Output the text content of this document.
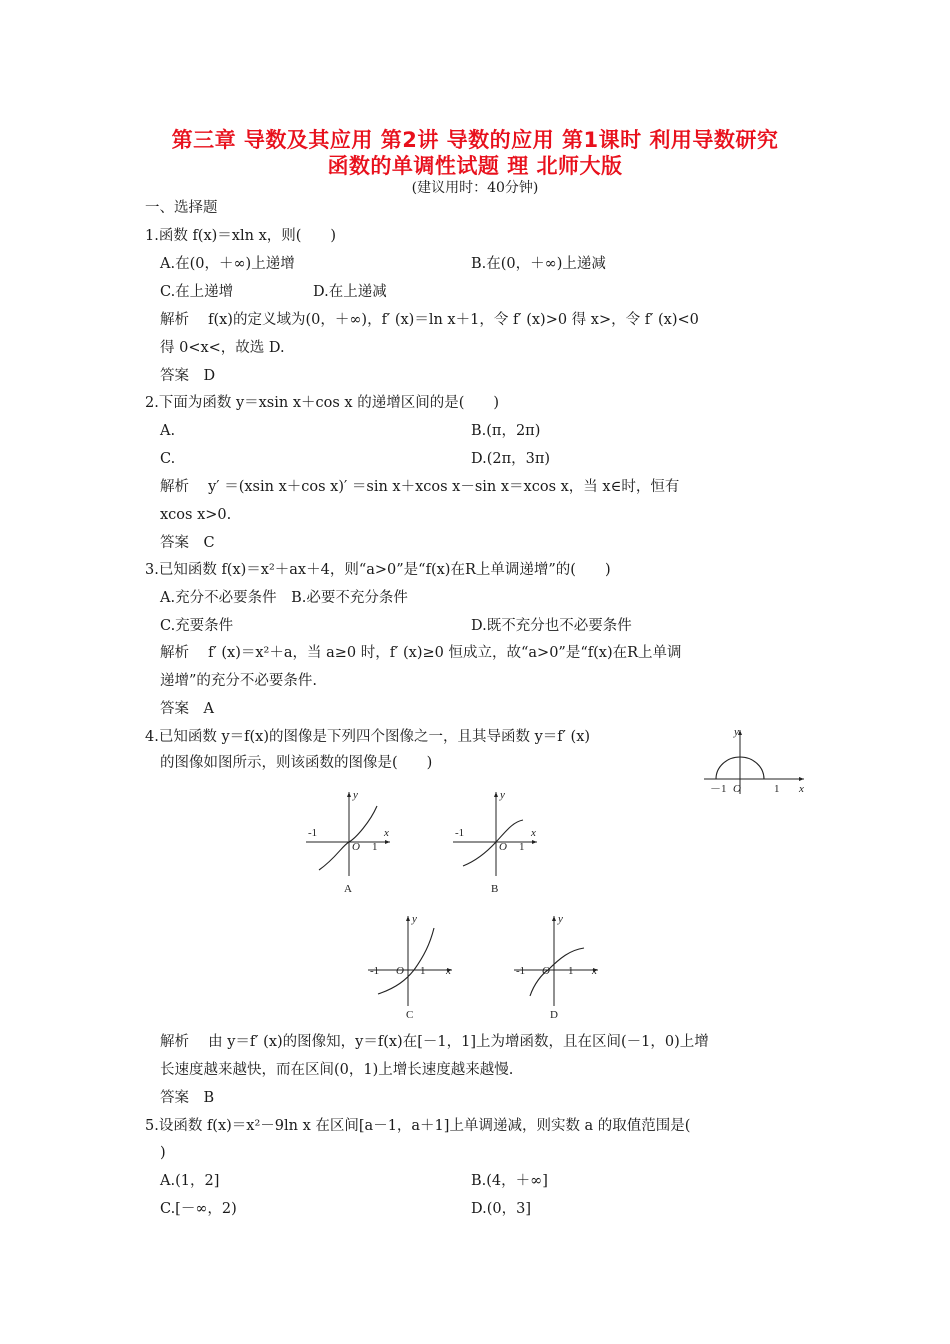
第三章 导数及其应用 第2讲 导数的应用 第1课时 利用导数研究
函数的单调性试题 理 北师大版
(建议用时：40分钟)
一、选择题
1.函数 f(x)＝xln x，则(　　)
A.在(0，＋∞)上递增	B.在(0，＋∞)上递减
C.在上递增	D.在上递减
解析　 f(x)的定义域为(0，＋∞)，f′ (x)＝ln x＋1，令 f′ (x)>0 得 x>，令 f′ (x)<0
得 0<x<，故选 D.
答案　D
2.下面为函数 y＝xsin x＋cos x 的递增区间的是(　　)
A.	B.(π，2π)
C.	D.(2π，3π)
解析　 y′ ＝(xsin x＋cos x)′ ＝sin x＋xcos x－sin x＝xcos x，当 x∈时，恒有
xcos x>0.
答案　C
3.已知函数 f(x)＝x²＋ax＋4，则“a>0”是“f(x)在R上单调递增”的(　　)
A.充分不必要条件　B.必要不充分条件
C.充要条件	D.既不充分也不必要条件
解析　 f′ (x)＝x²＋a，当 a≥0 时，f′ (x)≥0 恒成立，故“a>0”是“f(x)在R上单调
递增”的充分不必要条件.
答案　A
4.已知函数 y＝f(x)的图像是下列四个图像之一，且其导函数 y＝f′ (x)
的图像如图所示，则该函数的图像是(　　)
y
x
－1 O	1
y
x
-1
O 1
A
y
x
-1
O 1
B
y
x
-1 O 1
C
y
x
-1 O 1
D
解析　 由 y＝f′ (x)的图像知，y＝f(x)在[－1，1]上为增函数，且在区间(－1，0)上增
长速度越来越快，而在区间(0，1)上增长速度越来越慢.
答案　B
5.设函数 f(x)＝x²－9ln x 在区间[a－1，a＋1]上单调递减，则实数 a 的取值范围是(
)
A.(1，2]	B.(4，＋∞]
C.[－∞，2)	D.(0，3]
